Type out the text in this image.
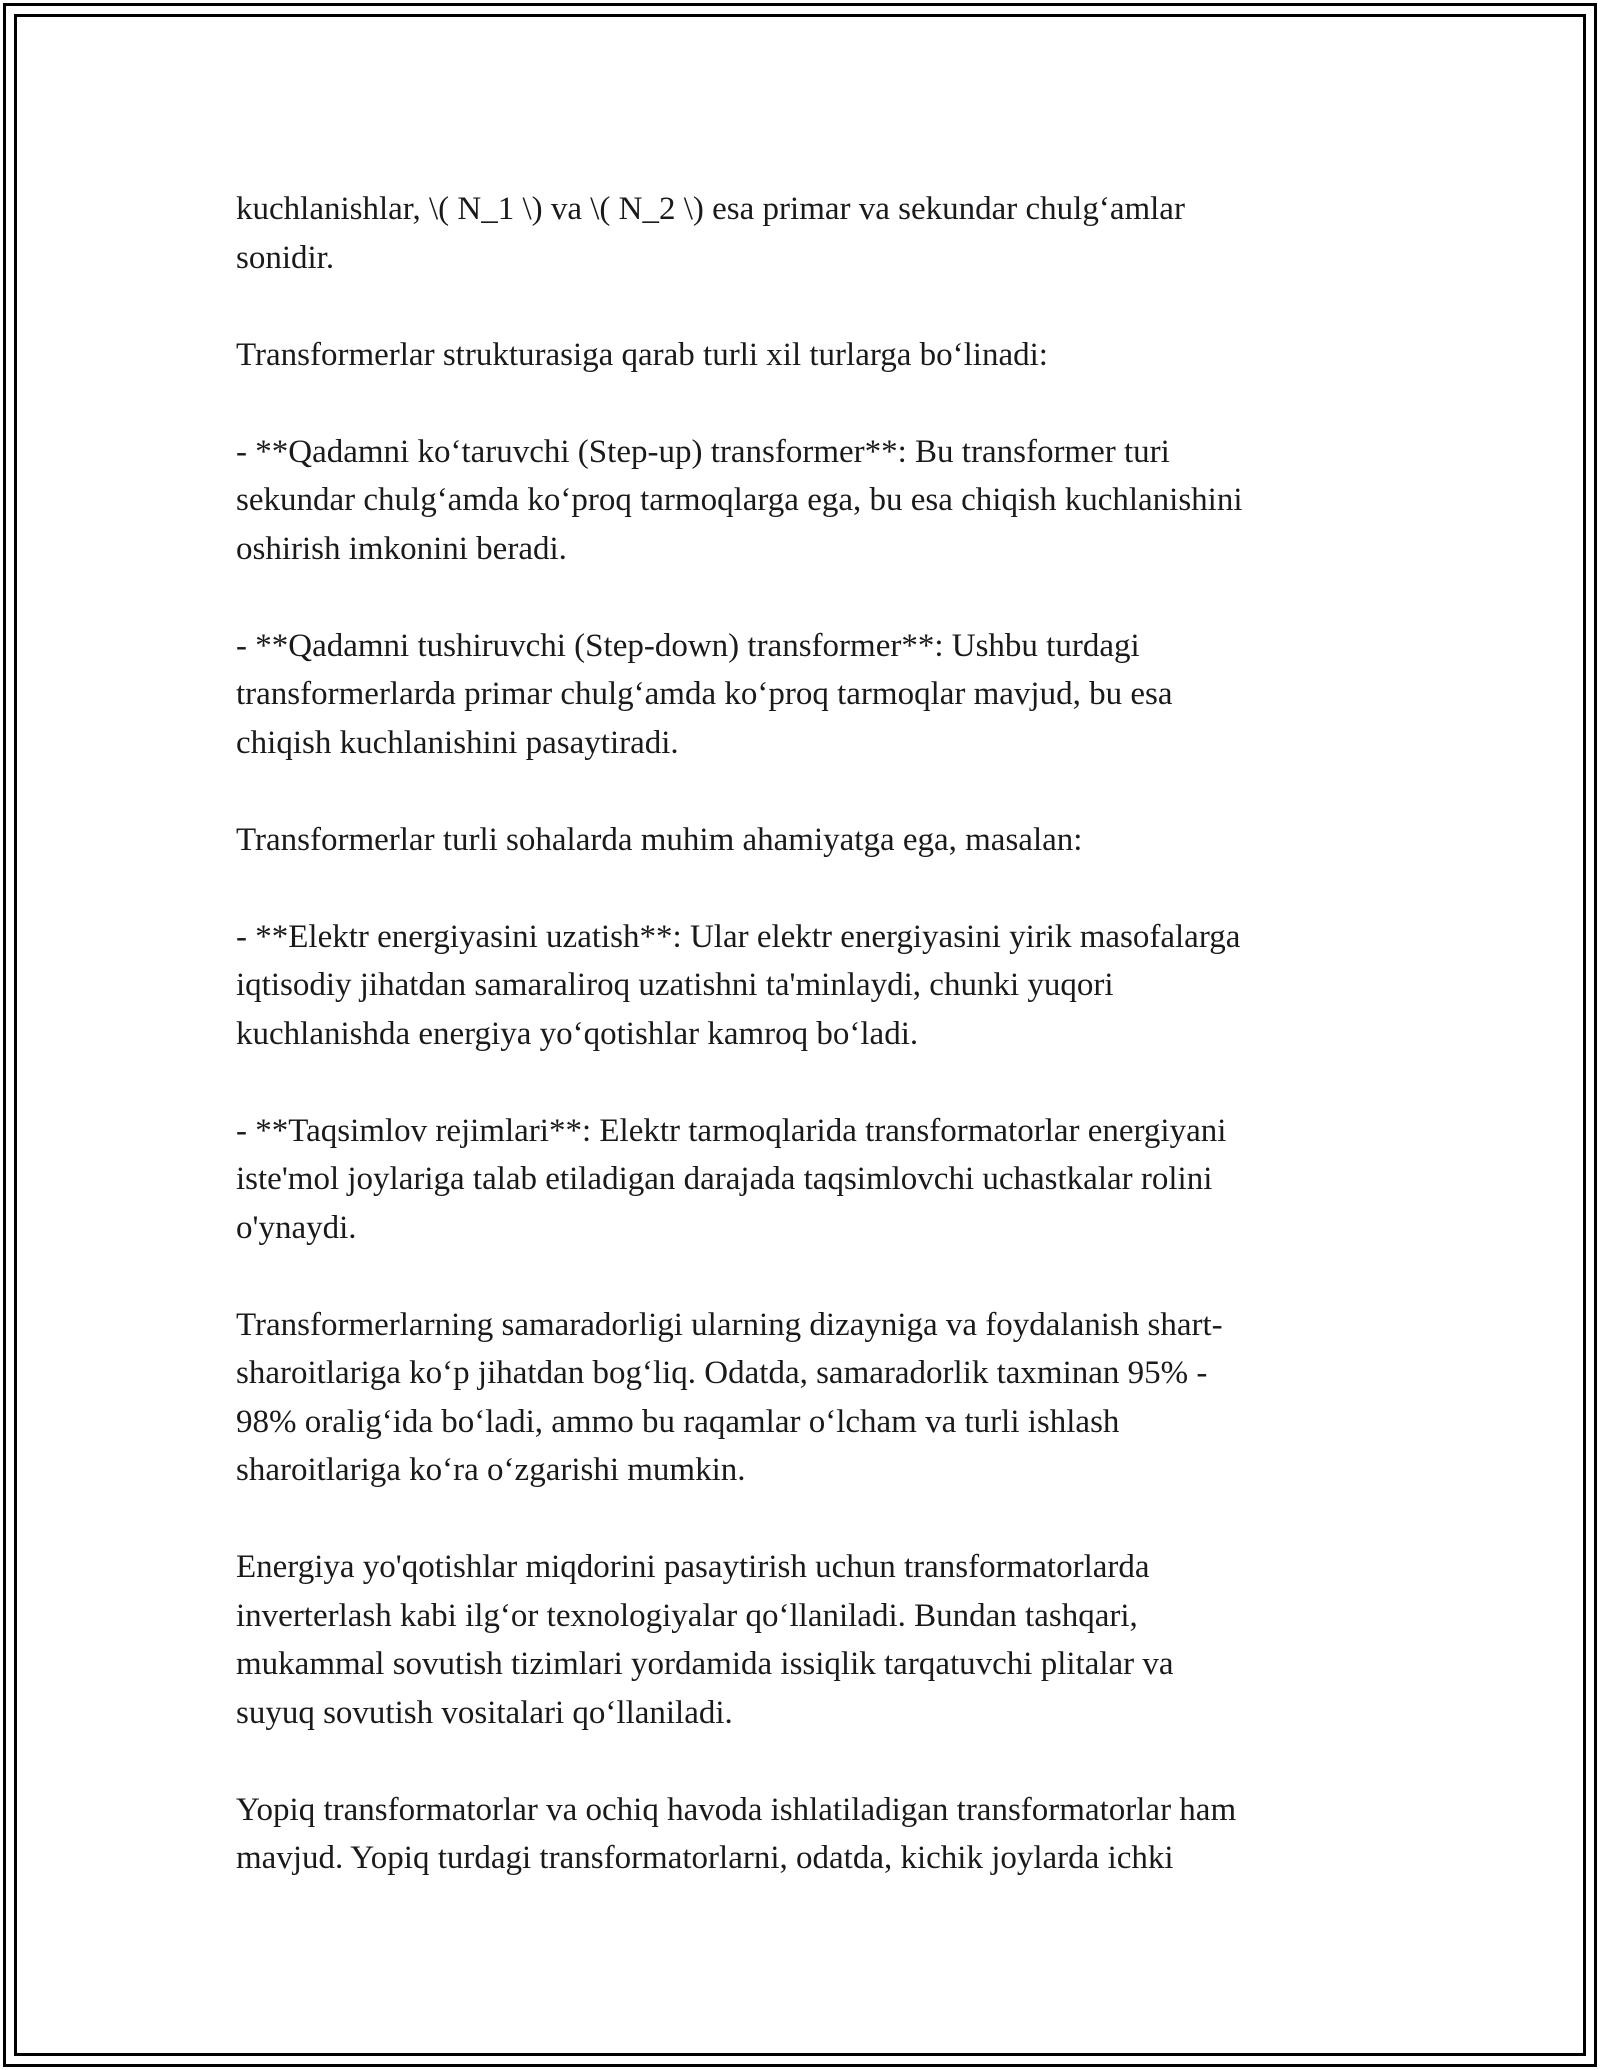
kuchlanishlar, \( N_1 \) va \( N_2 \) esa primar va sekundar chulg‘amlar
sonidir.

Transformerlar strukturasiga qarab turli xil turlarga bo‘linadi:

- **Qadamni ko‘taruvchi (Step-up) transformer**: Bu transformer turi
sekundar chulg‘amda ko‘proq tarmoqlarga ega, bu esa chiqish kuchlanishini
oshirish imkonini beradi.

- **Qadamni tushiruvchi (Step-down) transformer**: Ushbu turdagi
transformerlarda primar chulg‘amda ko‘proq tarmoqlar mavjud, bu esa
chiqish kuchlanishini pasaytiradi.

Transformerlar turli sohalarda muhim ahamiyatga ega, masalan:

- **Elektr energiyasini uzatish**: Ular elektr energiyasini yirik masofalarga
iqtisodiy jihatdan samaraliroq uzatishni ta'minlaydi, chunki yuqori
kuchlanishda energiya yo‘qotishlar kamroq bo‘ladi.

- **Taqsimlov rejimlari**: Elektr tarmoqlarida transformatorlar energiyani
iste'mol joylariga talab etiladigan darajada taqsimlovchi uchastkalar rolini
o'ynaydi.

Transformerlarning samaradorligi ularning dizayniga va foydalanish shart-
sharoitlariga ko‘p jihatdan bog‘liq. Odatda, samaradorlik taxminan 95% -
98% oralig‘ida bo‘ladi, ammo bu raqamlar o‘lcham va turli ishlash
sharoitlariga ko‘ra o‘zgarishi mumkin.

Energiya yo'qotishlar miqdorini pasaytirish uchun transformatorlarda
inverterlash kabi ilg‘or texnologiyalar qo‘llaniladi. Bundan tashqari,
mukammal sovutish tizimlari yordamida issiqlik tarqatuvchi plitalar va
suyuq sovutish vositalari qo‘llaniladi.

Yopiq transformatorlar va ochiq havoda ishlatiladigan transformatorlar ham
mavjud. Yopiq turdagi transformatorlarni, odatda, kichik joylarda ichki
